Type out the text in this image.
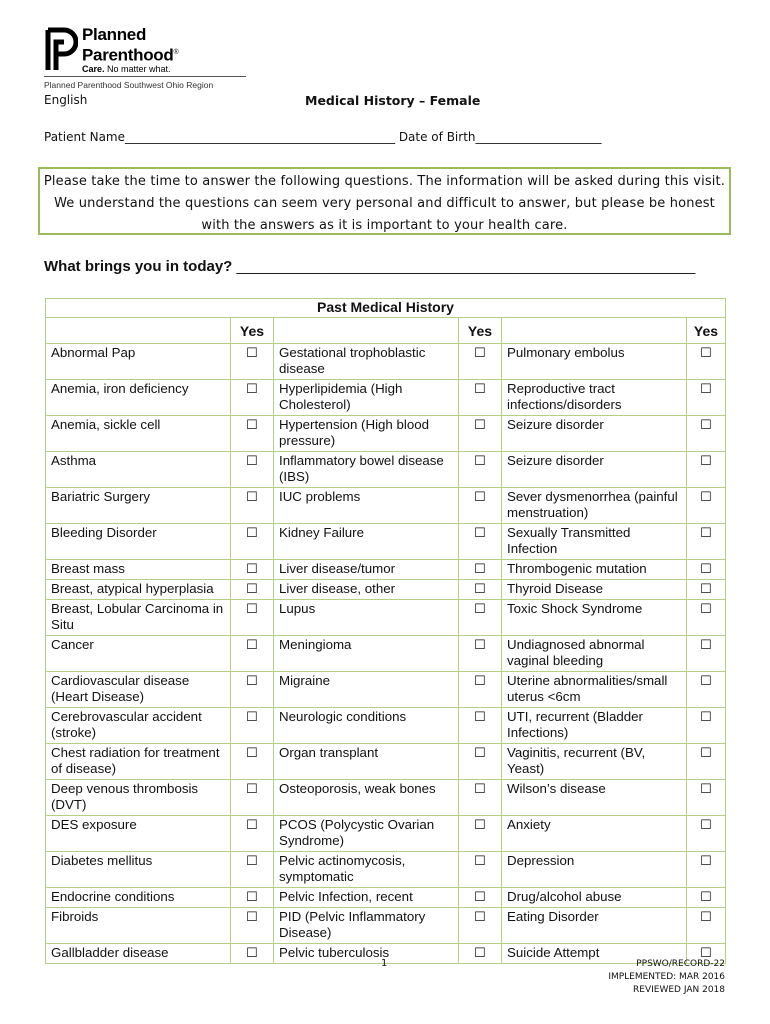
Planned
Parenthood®
Care. No matter what.
Planned Parenthood Southwest Ohio Region
English	Medical History – Female
Patient Name_____________________________________________ Date of Birth_____________________
Please take the time to answer the following questions. The information will be asked during this visit. We understand the questions can seem very personal and difficult to answer, but please be honest with the answers as it is important to your health care.
What brings you in today? _______________________________________________________
Past Medical History					
	Yes		Yes		Yes
Abnormal Pap	☐	Gestational trophoblastic disease	☐	Pulmonary embolus	☐
Anemia, iron deficiency	☐	Hyperlipidemia (High Cholesterol)	☐	Reproductive tract infections/disorders	☐
Anemia, sickle cell	☐	Hypertension (High blood pressure)	☐	Seizure disorder	☐
Asthma	☐	Inflammatory bowel disease (IBS)	☐	Seizure disorder	☐
Bariatric Surgery	☐	IUC problems	☐	Sever dysmenorrhea (painful menstruation)	☐
Bleeding Disorder	☐	Kidney Failure	☐	Sexually Transmitted Infection	☐
Breast mass	☐	Liver disease/tumor	☐	Thrombogenic mutation	☐
Breast, atypical hyperplasia	☐	Liver disease, other	☐	Thyroid Disease	☐
Breast, Lobular Carcinoma in Situ	☐	Lupus	☐	Toxic Shock Syndrome	☐
Cancer	☐	Meningioma	☐	Undiagnosed abnormal vaginal bleeding	☐
Cardiovascular disease (Heart Disease)	☐	Migraine	☐	Uterine abnormalities/small uterus <6cm	☐
Cerebrovascular accident (stroke)	☐	Neurologic conditions	☐	UTI, recurrent (Bladder Infections)	☐
Chest radiation for treatment of disease)	☐	Organ transplant	☐	Vaginitis, recurrent (BV, Yeast)	☐
Deep venous thrombosis (DVT)	☐	Osteoporosis, weak bones	☐	Wilson’s disease	☐
DES exposure	☐	PCOS (Polycystic Ovarian Syndrome)	☐	Anxiety	☐
Diabetes mellitus	☐	Pelvic actinomycosis, symptomatic	☐	Depression	☐
Endocrine conditions	☐	Pelvic Infection, recent	☐	Drug/alcohol abuse	☐
Fibroids	☐	PID (Pelvic Inflammatory Disease)	☐	Eating Disorder	☐
Gallbladder disease	☐	Pelvic tuberculosis	☐	Suicide Attempt	☐
1	PPSWO/RECORD-22
IMPLEMENTED: MAR 2016
REVIEWED JAN 2018
